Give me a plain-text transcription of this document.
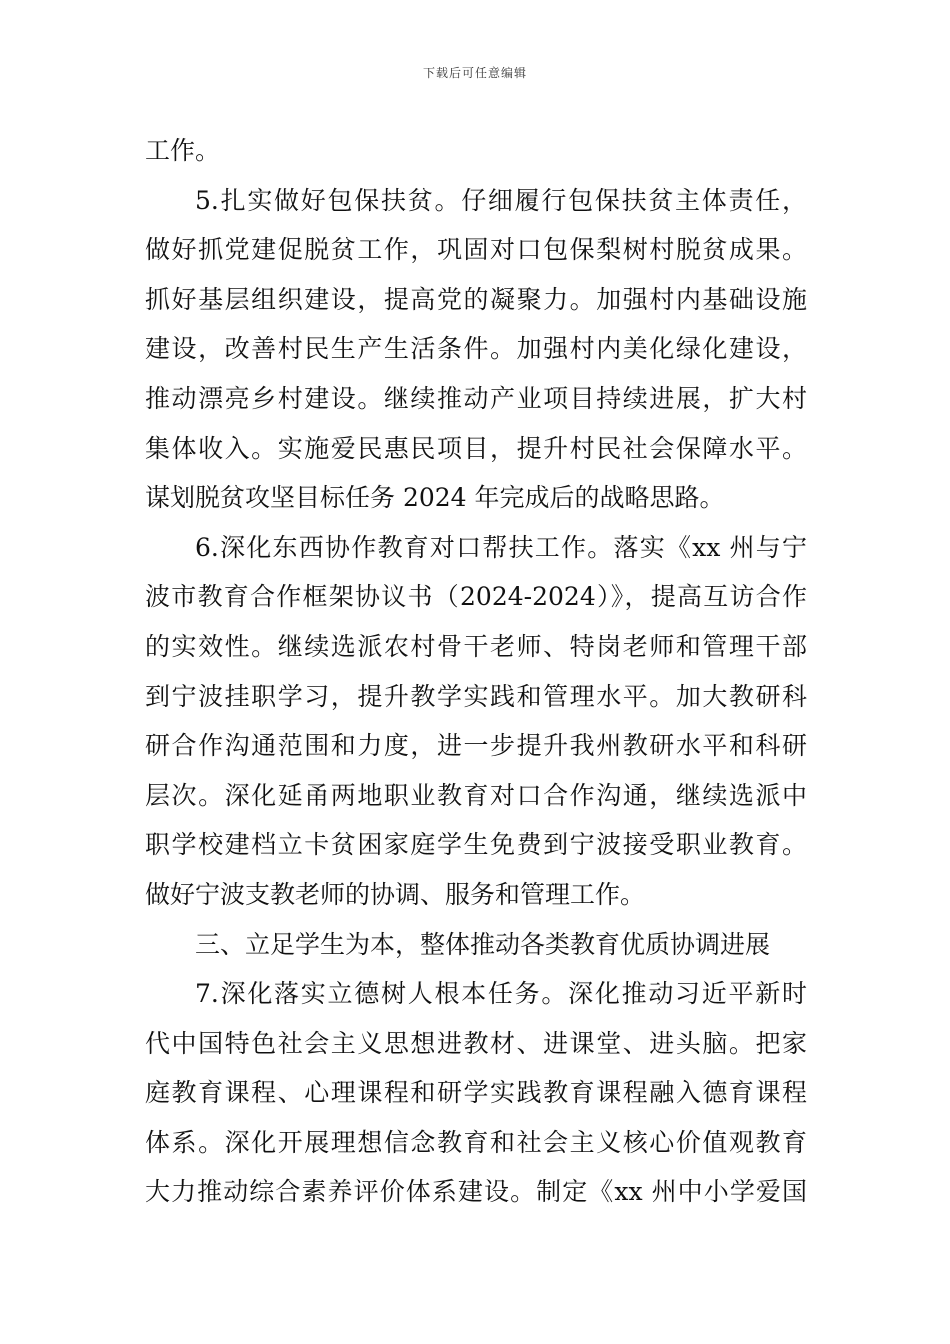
下载后可任意编辑
工作。
5.扎实做好包保扶贫。仔细履行包保扶贫主体责任，
做好抓党建促脱贫工作，巩固对口包保梨树村脱贫成果。
抓好基层组织建设，提高党的凝聚力。加强村内基础设施
建设，改善村民生产生活条件。加强村内美化绿化建设，
推动漂亮乡村建设。继续推动产业项目持续进展，扩大村
集体收入。实施爱民惠民项目，提升村民社会保障水平。
谋划脱贫攻坚目标任务 2024 年完成后的战略思路。
6.深化东西协作教育对口帮扶工作。落实《xx 州与宁
波市教育合作框架协议书（2024-2024）》，提高互访合作
的实效性。继续选派农村骨干老师、特岗老师和管理干部
到宁波挂职学习，提升教学实践和管理水平。加大教研科
研合作沟通范围和力度，进一步提升我州教研水平和科研
层次。深化延甬两地职业教育对口合作沟通，继续选派中
职学校建档立卡贫困家庭学生免费到宁波接受职业教育。
做好宁波支教老师的协调、服务和管理工作。
三、立足学生为本，整体推动各类教育优质协调进展
7.深化落实立德树人根本任务。深化推动习近平新时
代中国特色社会主义思想进教材、进课堂、进头脑。把家
庭教育课程、心理课程和研学实践教育课程融入德育课程
体系。深化开展理想信念教育和社会主义核心价值观教育
大力推动综合素养评价体系建设。制定《xx 州中小学爱国
